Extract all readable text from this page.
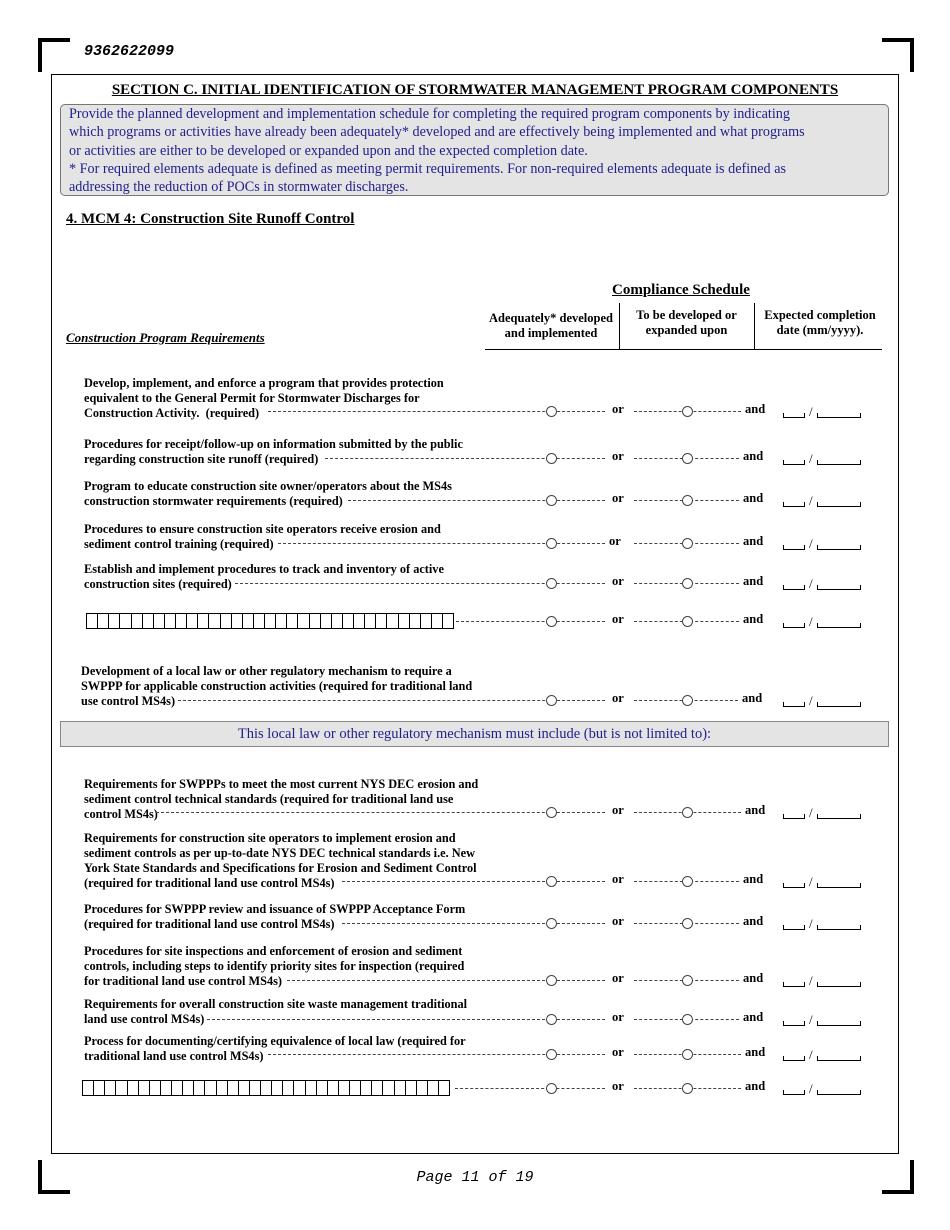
9362622099
SECTION C. INITIAL IDENTIFICATION OF STORMWATER MANAGEMENT PROGRAM COMPONENTS
Provide the planned development and implementation schedule for completing the required program components by indicating
which programs or activities have already been adequately* developed and are effectively being implemented and what programs
or activities are either to be developed or expanded upon and the expected completion date.
* For required elements adequate is defined as meeting permit requirements. For non-required elements adequate is defined as
addressing the reduction of POCs in stormwater discharges.
4. MCM 4: Construction Site Runoff Control
Compliance Schedule
Adequately* developed
and implemented
To be developed or
expanded upon
Expected completion
date (mm/yyyy).
Construction Program Requirements
Develop, implement, and enforce a program that provides protection
equivalent to the General Permit for Stormwater Discharges for
Construction Activity.  (required)	or	and	/
Procedures for receipt/follow-up on information submitted by the public
regarding construction site runoff (required)	or	and	/
Program to educate construction site owner/operators about the MS4s
construction stormwater requirements (required)	or	and	/
Procedures to ensure construction site operators receive erosion and
sediment control training (required)	or	and	/
Establish and implement procedures to track and inventory of active
construction sites (required)	or	and	/
or	and	/
Development of a local law or other regulatory mechanism to require a
SWPPP for applicable construction activities (required for traditional land
use control MS4s)	or	and	/
Requirements for SWPPPs to meet the most current NYS DEC erosion and
sediment control technical standards (required for traditional land use
control MS4s)	or	and	/
Requirements for construction site operators to implement erosion and
sediment controls as per up-to-date NYS DEC technical standards i.e. New
York State Standards and Specifications for Erosion and Sediment Control
(required for traditional land use control MS4s)	or	and	/
Procedures for SWPPP review and issuance of SWPPP Acceptance Form
(required for traditional land use control MS4s)	or	and	/
Procedures for site inspections and enforcement of erosion and sediment
controls, including steps to identify priority sites for inspection (required
for traditional land use control MS4s)	or	and	/
Requirements for overall construction site waste management traditional
land use control MS4s)	or	and	/
Process for documenting/certifying equivalence of local law (required for
traditional land use control MS4s)	or	and	/
or	and	/
This local law or other regulatory mechanism must include (but is not limited to):
Page 11 of 19
